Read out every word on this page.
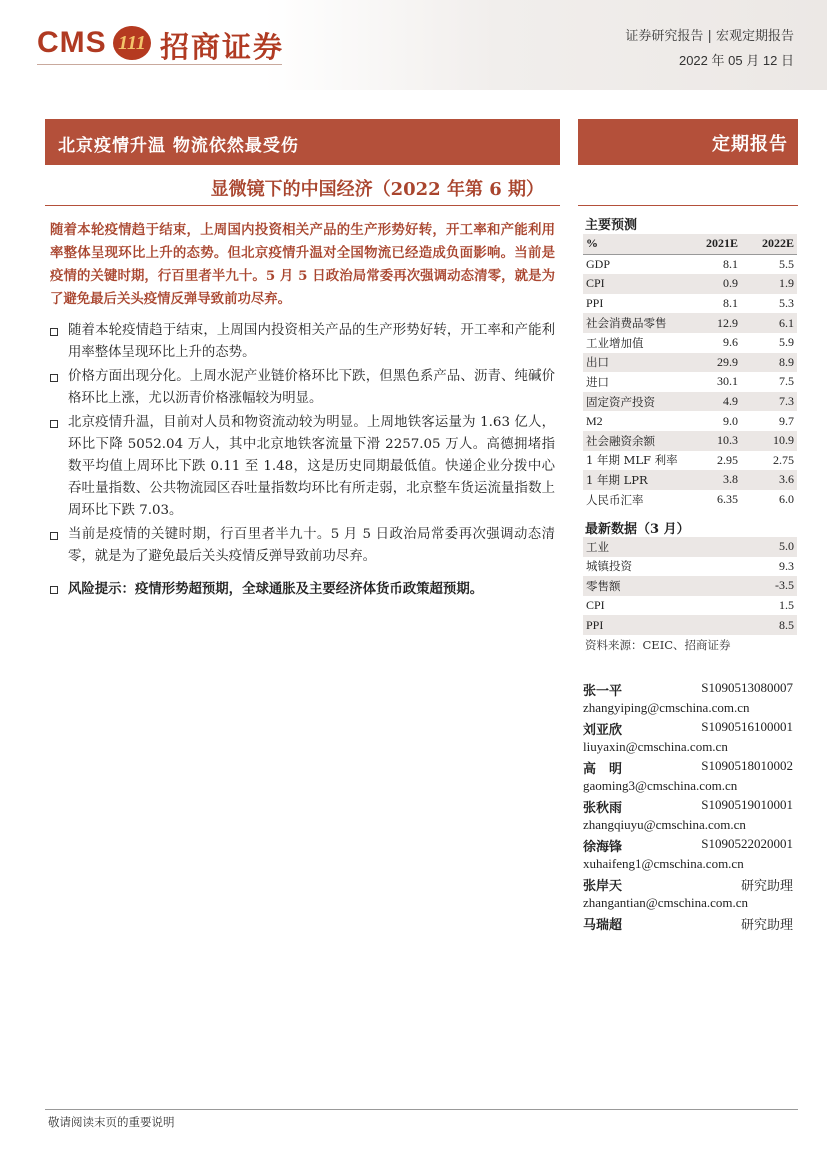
CMS 111 招商证券	证券研究报告 | 宏观定期报告
2022 年 05 月 12 日
北京疫情升温 物流依然最受伤	定期报告
显微镜下的中国经济（2022 年第 6 期）
随着本轮疫情趋于结束，上周国内投资相关产品的生产形势好转，开工率和产能利用率整体呈现环比上升的态势。但北京疫情升温对全国物流已经造成负面影响。当前是疫情的关键时期，行百里者半九十。5 月 5 日政治局常委再次强调动态清零，就是为了避免最后关头疫情反弹导致前功尽弃。
随着本轮疫情趋于结束，上周国内投资相关产品的生产形势好转，开工率和产能利用率整体呈现环比上升的态势。
价格方面出现分化。上周水泥产业链价格环比下跌，但黑色系产品、沥青、纯碱价格环比上涨，尤以沥青价格涨幅较为明显。
北京疫情升温，目前对人员和物资流动较为明显。上周地铁客运量为 1.63 亿人，环比下降 5052.04 万人，其中北京地铁客流量下滑 2257.05 万人。高德拥堵指数平均值上周环比下跌 0.11 至 1.48，这是历史同期最低值。快递企业分拨中心吞吐量指数、公共物流园区吞吐量指数均环比有所走弱，北京整车货运流量指数上周环比下跌 7.03。
当前是疫情的关键时期，行百里者半九十。5 月 5 日政治局常委再次强调动态清零，就是为了避免最后关头疫情反弹导致前功尽弃。
风险提示：疫情形势超预期，全球通胀及主要经济体货币政策超预期。
主要预测
%	2021E	2022E
GDP	8.1	5.5
CPI	0.9	1.9
PPI	8.1	5.3
社会消费品零售	12.9	6.1
工业增加值	9.6	5.9
出口	29.9	8.9
进口	30.1	7.5
固定资产投资	4.9	7.3
M2	9.0	9.7
社会融资余额	10.3	10.9
1 年期 MLF 利率	2.95	2.75
1 年期 LPR	3.8	3.6
人民币汇率	6.35	6.0
最新数据（3 月）
工业	5.0
城镇投资	9.3
零售额	-3.5
CPI	1.5
PPI	8.5
资料来源：CEIC、招商证券
张一平	S1090513080007
zhangyiping@cmschina.com.cn
刘亚欣	S1090516100001
liuyaxin@cmschina.com.cn
高　明	S1090518010002
gaoming3@cmschina.com.cn
张秋雨	S1090519010001
zhangqiuyu@cmschina.com.cn
徐海锋	S1090522020001
xuhaifeng1@cmschina.com.cn
张岸天	研究助理
zhangantian@cmschina.com.cn
马瑞超	研究助理
敬请阅读末页的重要说明
